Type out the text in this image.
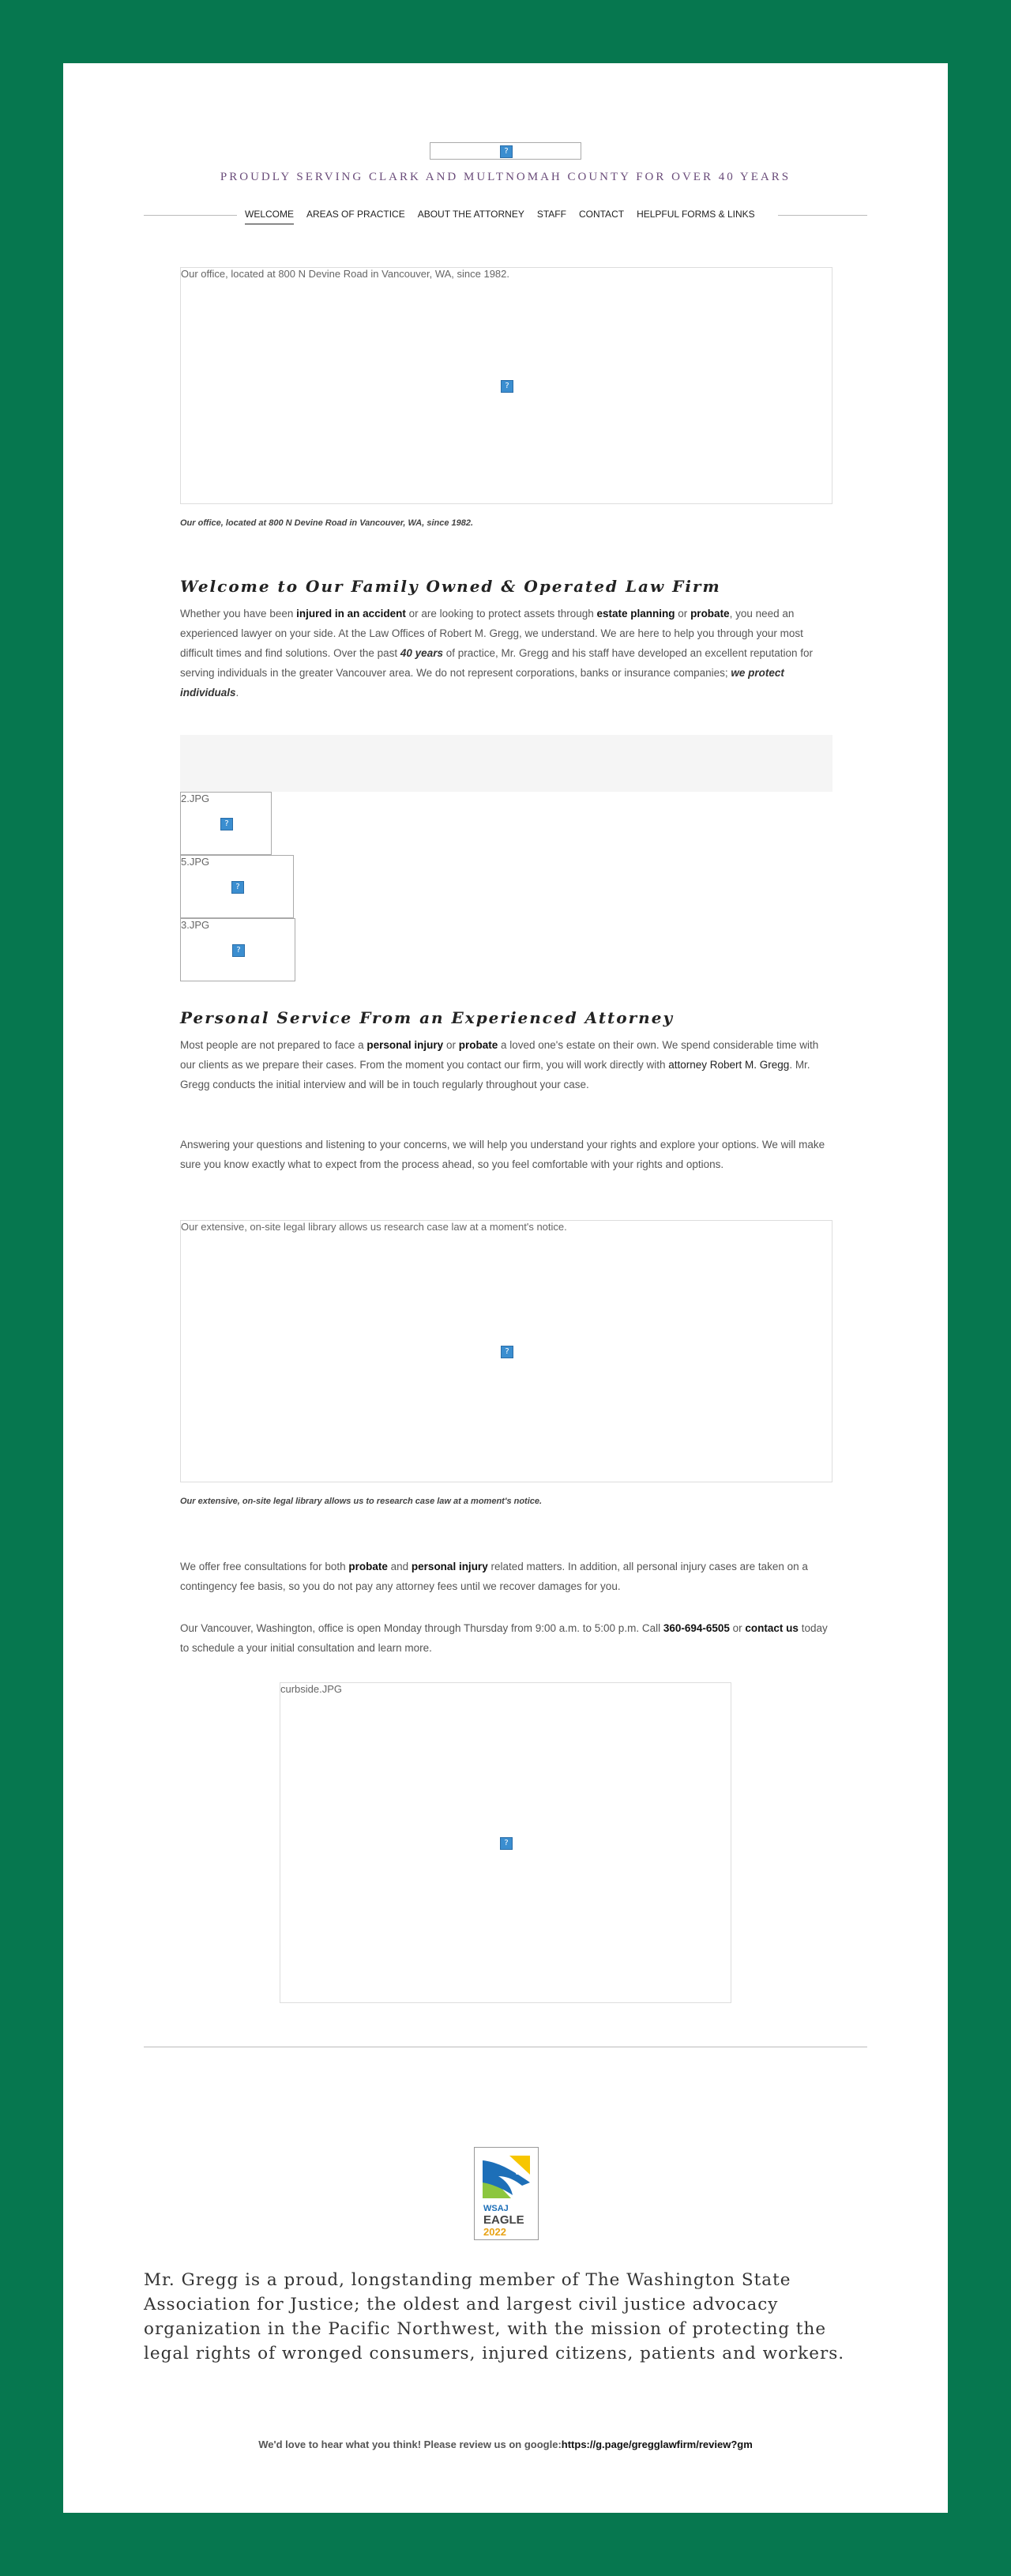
?
PROUDLY SERVING CLARK AND MULTNOMAH COUNTY FOR OVER 40 YEARS
WELCOME AREAS OF PRACTICE ABOUT THE ATTORNEY STAFF CONTACT HELPFUL FORMS & LINKS
Our office, located at 800 N Devine Road in Vancouver, WA, since 1982.
?
Our office, located at 800 N Devine Road in Vancouver, WA, since 1982.
Welcome to Our Family Owned & Operated Law Firm

Whether you have been injured in an accident or are looking to protect assets through estate planning or probate, you need an experienced lawyer on your side. At the Law Offices of Robert M. Gregg, we understand. We are here to help you through your most difficult times and find solutions. Over the past 40 years of practice, Mr. Gregg and his staff have developed an excellent reputation for serving individuals in the greater Vancouver area. We do not represent corporations, banks or insurance companies; we protect individuals.

2.JPG
?
5.JPG
?
3.JPG
?
Personal Service From an Experienced Attorney

Most people are not prepared to face a personal injury or probate a loved one's estate on their own. We spend considerable time with our clients as we prepare their cases. From the moment you contact our firm, you will work directly with attorney Robert M. Gregg. Mr. Gregg conducts the initial interview and will be in touch regularly throughout your case.

Answering your questions and listening to your concerns, we will help you understand your rights and explore your options. We will make sure you know exactly what to expect from the process ahead, so you feel comfortable with your rights and options.

Our extensive, on-site legal library allows us research case law at a moment's notice.
?
Our extensive, on-site legal library allows us to research case law at a moment's notice.

We offer free consultations for both probate and personal injury related matters. In addition, all personal injury cases are taken on a contingency fee basis, so you do not pay any attorney fees until we recover damages for you.

Our Vancouver, Washington, office is open Monday through Thursday from 9:00 a.m. to 5:00 p.m. Call 360-694-6505 or contact us today to schedule a your initial consultation and learn more.

curbside.JPG
?
WSAJ
EAGLE
2022

Mr. Gregg is a proud, longstanding member of The Washington State Association for Justice; the oldest and largest civil justice advocacy organization in the Pacific Northwest, with the mission of protecting the legal rights of wronged consumers, injured citizens, patients and workers.

We'd love to hear what you think! Please review us on google:https://g.page/gregglawfirm/review?gm
